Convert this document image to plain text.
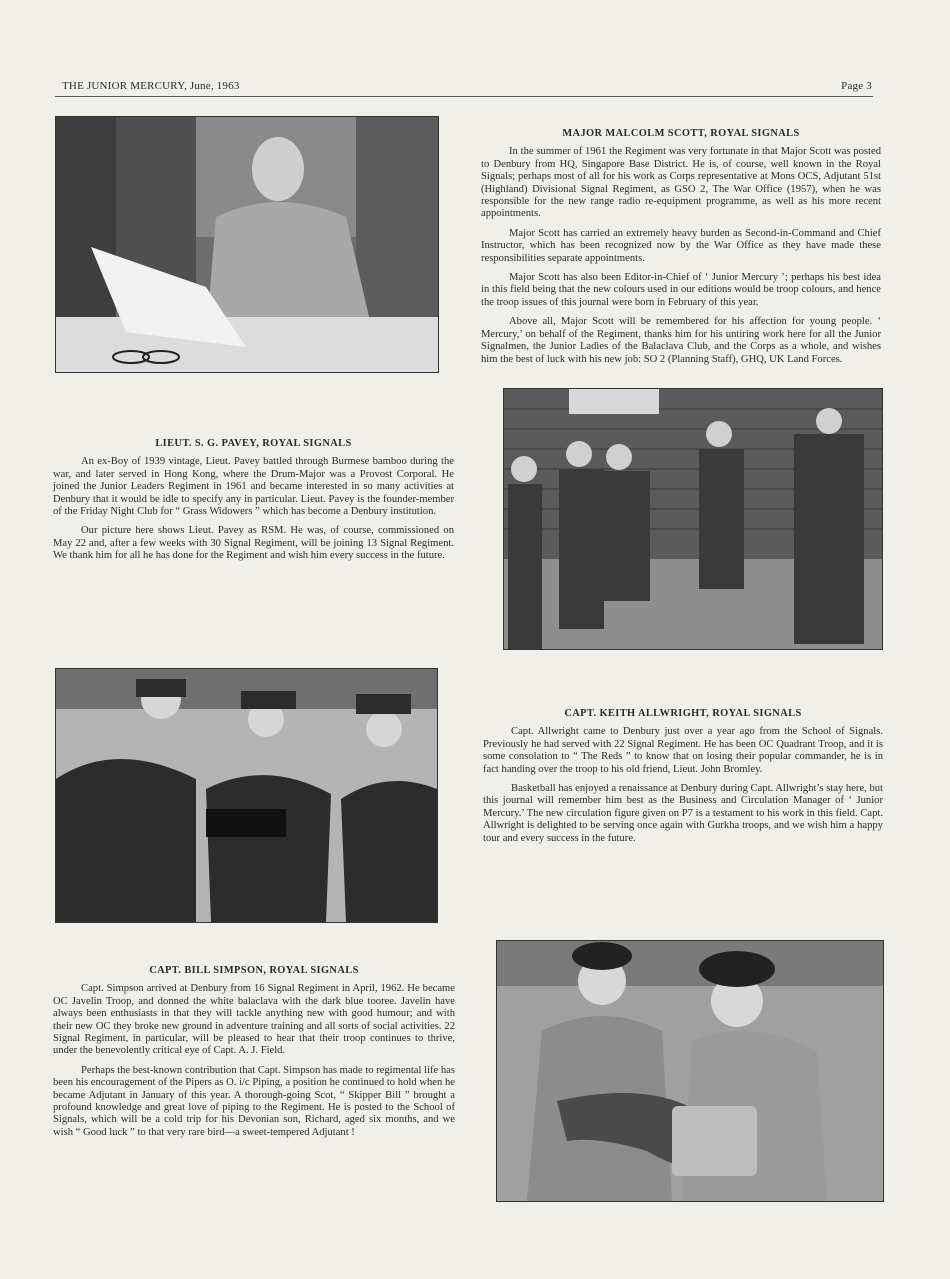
THE JUNIOR MERCURY, June, 1963	Page 3
MAJOR MALCOLM SCOTT, ROYAL SIGNALS

In the summer of 1961 the Regiment was very fortunate in that Major Scott was posted to Denbury from HQ, Singapore Base District. He is, of course, well known in the Royal Signals; perhaps most of all for his work as Corps representative at Mons OCS, Adjutant 51st (Highland) Divisional Signal Regiment, as GSO 2, The War Office (1957), when he was responsible for the new range radio re-equipment programme, as well as his more recent appointments.

Major Scott has carried an extremely heavy burden as Second-in-Command and Chief Instructor, which has been recognized now by the War Office as they have made these responsibilities separate appointments.

Major Scott has also been Editor-in-Chief of ‘ Junior Mercury ’; perhaps his best idea in this field being that the new colours used in our editions would be troop colours, and hence the troop issues of this journal were born in February of this year.

Above all, Major Scott will be remembered for his affection for young people. ‘ Mercury,’ on behalf of the Regiment, thanks him for his untiring work here for all the Junior Signalmen, the Junior Ladies of the Balaclava Club, and the Corps as a whole, and wishes him the best of luck with his new job: SO 2 (Planning Staff), GHQ, UK Land Forces.

LIEUT. S. G. PAVEY, ROYAL SIGNALS

An ex-Boy of 1939 vintage, Lieut. Pavey battled through Burmese bamboo during the war, and later served in Hong Kong, where the Drum-Major was a Provost Corporal. He joined the Junior Leaders Regiment in 1961 and became interested in so many activities at Denbury that it would be idle to specify any in particular. Lieut. Pavey is the founder-member of the Friday Night Club for “ Grass Widowers ” which has become a Denbury institution.

Our picture here shows Lieut. Pavey as RSM. He was, of course, commissioned on May 22 and, after a few weeks with 30 Signal Regiment, will be joining 13 Signal Regiment. We thank him for all he has done for the Regiment and wish him every success in the future.

CAPT. KEITH ALLWRIGHT, ROYAL SIGNALS

Capt. Allwright came to Denbury just over a year ago from the School of Signals. Previously he had served with 22 Signal Regiment. He has been OC Quadrant Troop, and it is some consolation to “ The Reds ” to know that on losing their popular commander, he is in fact handing over the troop to his old friend, Lieut. John Bromley.

Basketball has enjoyed a renaissance at Denbury during Capt. Allwright’s stay here, but this journal will remember him best as the Business and Circulation Manager of ‘ Junior Mercury.’ The new circulation figure given on P7 is a testament to his work in this field. Capt. Allwright is delighted to be serving once again with Gurkha troops, and we wish him a happy tour and every success in the future.

CAPT. BILL SIMPSON, ROYAL SIGNALS

Capt. Simpson arrived at Denbury from 16 Signal Regiment in April, 1962. He became OC Javelin Troop, and donned the white balaclava with the dark blue tooree. Javelin have always been enthusiasts in that they will tackle anything new with good humour; and with their new OC they broke new ground in adventure training and all sorts of social activities. 22 Signal Regiment, in particular, will be pleased to hear that their troop continues to thrive, under the benevolently critical eye of Capt. A. J. Field.

Perhaps the best-known contribution that Capt. Simpson has made to regimental life has been his encouragement of the Pipers as O. i/c Piping, a position he continued to hold when he became Adjutant in January of this year. A thorough-going Scot, “ Skipper Bill ” brought a profound knowledge and great love of piping to the Regiment. He is posted to the School of Signals, which will be a cold trip for his Devonian son, Richard, aged six months, and we wish “ Good luck ” to that very rare bird—a sweet-tempered Adjutant !
